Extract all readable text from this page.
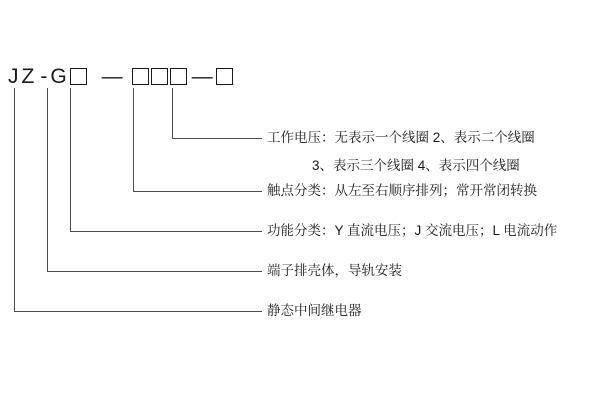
J Z - G —	—
工作电压：无表示一个线圈 2、表示二个线圈
3、表示三个线圈 4、表示四个线圈
触点分类：从左至右顺序排列；常开常闭转换
功能分类：Y 直流电压；J 交流电压；L 电流动作
端子排壳体，导轨安装
静态中间继电器
